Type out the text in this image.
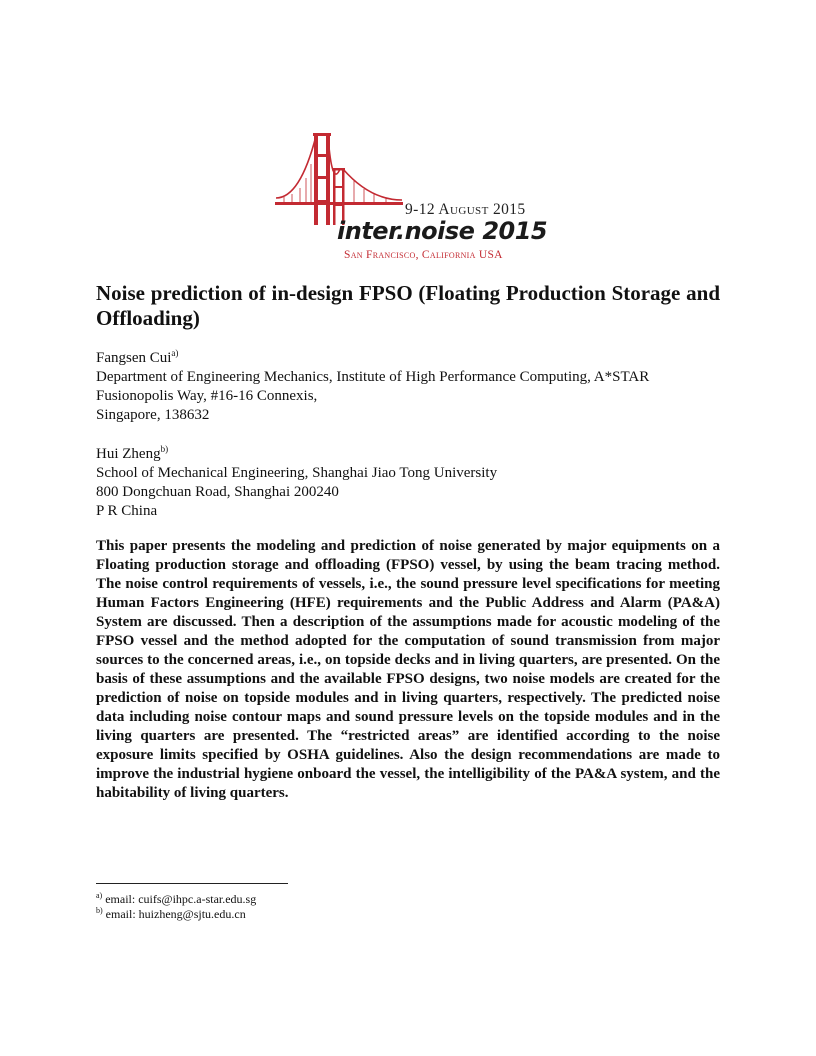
9-12 August 2015
inter.noise 2015
San Francisco, California USA
Noise prediction of in-design FPSO (Floating Production Storage and Offloading)
Fangsen Cui$^{a)}$
Department of Engineering Mechanics, Institute of High Performance Computing, A*STAR
Fusionopolis Way, #16-16 Connexis,
Singapore, 138632
Hui Zheng$^{b)}$
School of Mechanical Engineering, Shanghai Jiao Tong University
800 Dongchuan Road, Shanghai 200240
P R China

This paper presents the modeling and prediction of noise generated by major equipments on a Floating production storage and offloading (FPSO) vessel, by using the beam tracing method. The noise control requirements of vessels, i.e., the sound pressure level specifications for meeting Human Factors Engineering (HFE) requirements and the Public Address and Alarm (PA&A) System are discussed. Then a description of the assumptions made for acoustic modeling of the FPSO vessel and the method adopted for the computation of sound transmission from major sources to the concerned areas, i.e., on topside decks and in living quarters, are presented. On the basis of these assumptions and the available FPSO designs, two noise models are created for the prediction of noise on topside modules and in living quarters, respectively. The predicted noise data including noise contour maps and sound pressure levels on the topside modules and in the living quarters are presented. The “restricted areas” are identified according to the noise exposure limits specified by OSHA guidelines. Also the design recommendations are made to improve the industrial hygiene onboard the vessel, the intelligibility of the PA&A system, and the habitability of living quarters.

$^{a)}$ email: cuifs@ihpc.a-star.edu.sg
$^{b)}$ email: huizheng@sjtu.edu.cn
